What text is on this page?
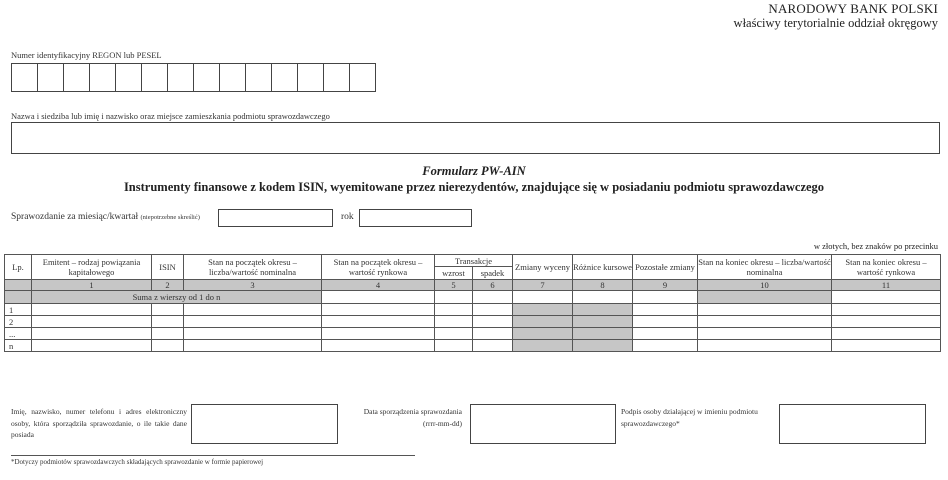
NARODOWY BANK POLSKI
właściwy terytorialnie oddział okręgowy
Numer identyfikacyjny REGON lub PESEL
Nazwa i siedziba lub imię i nazwisko oraz miejsce zamieszkania podmiotu sprawozdawczego
Formularz PW-AIN
Instrumenty finansowe z kodem ISIN, wyemitowane przez nierezydentów, znajdujące się w posiadaniu podmiotu sprawozdawczego
Sprawozdanie za miesiąc/kwartał (niepotrzebne skreślić)	rok
w złotych, bez znaków po przecinku
Lp.	Emitent – rodzaj powiązania kapitałowego	ISIN	Stan na początek okresu – liczba/wartość nominalna	Stan na początek okresu – wartość rynkowa	Transakcje		Zmiany wyceny	Różnice kursowe	Pozostałe zmiany	Stan na koniec okresu – liczba/wartość nominalna	Stan na koniec okresu – wartość rynkowa
					wzrost	spadek					
	1	2	3	4	5	6	7	8	9	10	11
	Suma z wierszy od 1 do n										
1											
2											
...											
n											
Imię, nazwisko, numer telefonu i adres elektroniczny osoby, która sporządziła sprawozdanie, o ile takie dane posiada
Data sporządzenia sprawozdania
(rrrr-mm-dd)
Podpis osoby działającej w imieniu podmiotu sprawozdawczego*
*Dotyczy podmiotów sprawozdawczych składających sprawozdanie w formie papierowej
